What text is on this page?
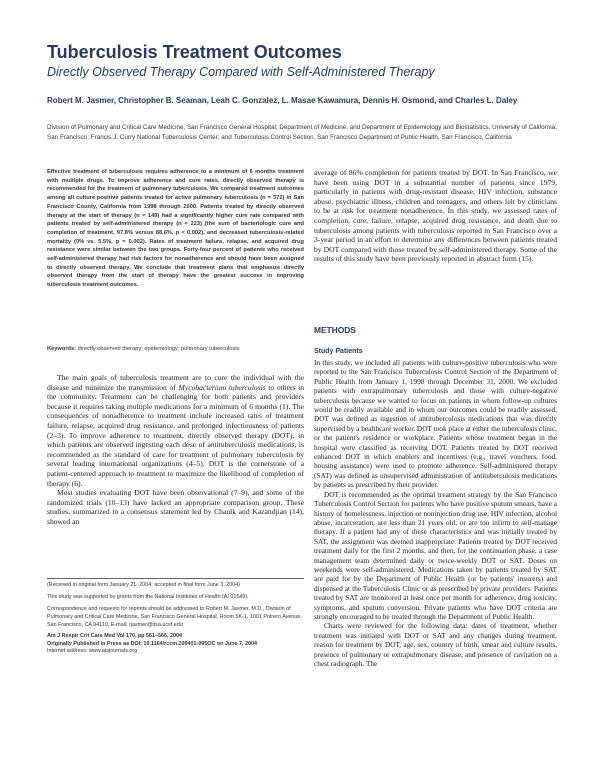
Tuberculosis Treatment Outcomes
Directly Observed Therapy Compared with Self-Administered Therapy
Robert M. Jasmer, Christopher B. Seaman, Leah C. Gonzalez, L. Masae Kawamura, Dennis H. Osmond, and Charles L. Daley
Division of Pulmonary and Critical Care Medicine, San Francisco General Hospital; Department of Medicine, and Department of Epidemiology and Biostatistics, University of California, San Francisco; Francis J. Curry National Tuberculosis Center; and Tuberculosis Control Section, San Francisco Department of Public Health, San Francisco, California
Effective treatment of tuberculosis requires adherence to a minimum of 6 months treatment with multiple drugs. To improve adherence and cure rates, directly observed therapy is recommended for the treatment of pulmonary tuberculosis. We compared treatment outcomes among all culture-positive patients treated for active pulmonary tuberculosis (n = 372) in San Francisco County, California from 1998 through 2000. Patients treated by directly observed therapy at the start of therapy (n = 149) had a significantly higher cure rate compared with patients treated by self-administered therapy (n = 223) (the sum of bacteriologic cure and completion of treatment, 97.8% versus 88.6%, p < 0.002), and decreased tuberculosis-related mortality (0% vs. 5.5%, p = 0.002). Rates of treatment failure, relapse, and acquired drug resistance were similar between the two groups. Forty-four percent of patients who received self-administered therapy had risk factors for nonadherence and should have been assigned to directly observed therapy. We conclude that treatment plans that emphasize directly observed therapy from the start of therapy have the greatest success in improving tuberculosis treatment outcomes.
Keywords: directly observed therapy; epidemiology; pulmonary tuberculosis

The main goals of tuberculosis treatment are to cure the individual with the disease and minimize the transmission of Mycobacterium tuberculosis to others in the community. Treatment can be challenging for both patients and providers because it requires taking multiple medications for a minimum of 6 months (1). The consequences of nonadherence to treatment include increased rates of treatment failure, relapse, acquired drug resistance, and prolonged infectiousness of patients (2–3). To improve adherence to treatment, directly observed therapy (DOT), in which patients are observed ingesting each dose of antituberculosis medications, is recommended as the standard of care for treatment of pulmonary tuberculosis by several leading international organizations (4–5). DOT is the cornerstone of a patient-centered approach to treatment to maximize the likelihood of completion of therapy (6).

Most studies evaluating DOT have been observational (7–9), and some of the randomized trials (10–13) have lacked an appropriate comparison group. These studies, summarized in a consensus statement led by Chaulk and Kazandjian (14), showed an

(Received in original form January 21, 2004; accepted in final form June 3, 2004)

This study was supported by grants from the National Institutes of Health (AI 01549).

Correspondence and requests for reprints should be addressed to Robert M. Jasmer, M.D., Division of Pulmonary and Critical Care Medicine, San Francisco General Hospital, Room 5K-1, 1001 Potrero Avenue, San Francisco, CA 94110. E-mail: rjasmer@itsa.ucsf.edu

Am J Respir Crit Care Med Vol 170. pp 561–566, 2004
Originally Published in Press as DOI: 10.1164/rccm.200401-095OC on June 7, 2004
Internet address: www.atsjournals.org

average of 86% completion for patients treated by DOT. In San Francisco, we have been using DOT in a substantial number of patients since 1979, particularly in patients with drug-resistant disease, HIV infection, substance abuse, psychiatric illness, children and teenagers, and others felt by clinicians to be at risk for treatment nonadherence. In this study, we assessed rates of completion, cure, failure, relapse, acquired drug resistance, and death due to tuberculosis among patients with tuberculosis reported in San Francisco over a 3-year period in an effort to determine any differences between patients treated by DOT compared with those treated by self-administered therapy. Some of the results of this study have been previously reported in abstract form (15).

METHODS
Study Patients

In this study, we included all patients with culture-positive tuberculosis who were reported to the San Francisco Tuberculosis Control Section of the Department of Public Health from January 1, 1998 through December 31, 2000. We excluded patients with extrapulmonary tuberculosis and those with culture-negative tuberculosis because we wanted to focus on patients in whom follow-up cultures would be readily available and in whom our outcomes could be readily assessed. DOT was defined as ingestion of antituberculosis medications that was directly supervised by a healthcare worker. DOT took place at either the tuberculosis clinic, or the patient's residence or workplace. Patients whose treatment began in the hospital were classified as receiving DOT. Patients treated by DOT received enhanced DOT in which enablers and incentives (e.g., travel vouchers, food, housing assistance) were used to promote adherence. Self-administered therapy (SAT) was defined as unsupervised administration of antituberculosis medications by patients as prescribed by their provider.

DOT is recommended as the optimal treatment strategy by the San Francisco Tuberculosis Control Section for patients who have positive sputum smears, have a history of homelessness, injection or noninjection drug use, HIV infection, alcohol abuse, incarceration, are less than 21 years old, or are too infirm to self-manage therapy. If a patient had any of these characteristics and was initially treated by SAT, the assignment was deemed inappropriate. Patients treated by DOT received treatment daily for the first 2 months, and then, for the continuation phase, a case management team determined daily or twice-weekly DOT or SAT. Doses on weekends were self-administered. Medications taken by patients treated by SAT are paid for by the Department of Public Health (or by patients' insurers) and dispensed at the Tuberculosis Clinic or as prescribed by private providers. Patients treated by SAT are monitored at least once per month for adherence, drug toxicity, symptoms, and sputum conversion. Private patients who have DOT criteria are strongly encouraged to be treated through the Department of Public Health.

Charts were reviewed for the following data: dates of treatment, whether treatment was initiated with DOT or SAT and any changes during treatment, reason for treatment by DOT, age, sex, country of birth, smear and culture results, presence of pulmonary or extrapulmonary disease, and presence of cavitation on a chest radiograph. The
